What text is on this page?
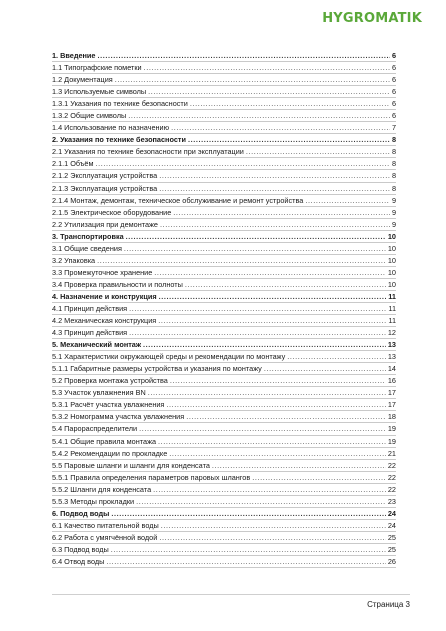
HYGROMATIK
1. Введение .....	6
1.1 Типографские пометки .....	6
1.2 Документация .....	6
1.3 Используемые символы .....	6
1.3.1 Указания по технике безопасности .....	6
1.3.2 Общие символы .....	6
1.4 Использование по назначению .....	7
2. Указания по технике безопасности .....	8
2.1 Указания по технике безопасности при эксплуатации .....	8
2.1.1 Объём .....	8
2.1.2 Эксплуатация устройства .....	8
2.1.3 Эксплуатация устройства .....	8
2.1.4 Монтаж, демонтаж, техническое обслуживание и ремонт устройства .....	9
2.1.5 Электрическое оборудование .....	9
2.2 Утилизация при демонтаже .....	9
3. Транспортировка .....	10
3.1 Общие сведения .....	10
3.2 Упаковка .....	10
3.3 Промежуточное хранение .....	10
3.4 Проверка правильности и полноты .....	10
4. Назначение и конструкция .....	11
4.1 Принцип действия .....	11
4.2 Механическая конструкция .....	11
4.3 Принцип действия .....	12
5. Механический монтаж .....	13
5.1 Характеристики окружающей среды и рекомендации по монтажу .....	13
5.1.1 Габаритные размеры устройства и указания по монтажу .....	14
5.2 Проверка монтажа устройства .....	16
5.3 Участок увлажнения BN .....	17
5.3.1 Расчёт участка увлажнения .....	17
5.3.2 Номограмма участка увлажнения .....	18
5.4 Парораспределители .....	19
5.4.1 Общие правила монтажа .....	19
5.4.2 Рекомендации по прокладке .....	21
5.5 Паровые шланги и шланги для конденсата .....	22
5.5.1 Правила определения параметров паровых шлангов .....	22
5.5.2 Шланги для конденсата .....	22
5.5.3 Методы прокладки .....	23
6. Подвод воды .....	24
6.1 Качество питательной воды .....	24
6.2 Работа с умягчённой водой .....	25
6.3 Подвод воды .....	25
6.4 Отвод воды .....	26
Страница 3
